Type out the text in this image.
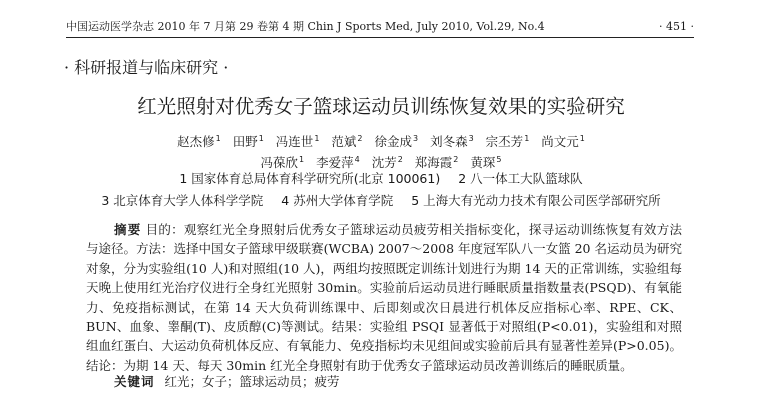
中国运动医学杂志 2010 年 7 月第 29 卷第 4 期 Chin J Sports Med, July 2010, Vol.29, No.4	· 451 ·
· 科研报道与临床研究 ·
红光照射对优秀女子篮球运动员训练恢复效果的实验研究
赵杰修$^1$ 田野$^1$ 冯连世$^1$ 范斌$^2$ 徐金成$^3$ 刘冬森$^3$ 宗丕芳$^1$ 尚文元$^1$
冯葆欣$^1$ 李爱萍$^4$ 沈芳$^2$ 郑海霞$^2$ 黄琛$^5$
1 国家体育总局体育科学研究所(北京 100061) 2 八一体工大队篮球队
3 北京体育大学人体科学学院 4 苏州大学体育学院 5 上海大有光动力技术有限公司医学部研究所
摘要 目的：观察红光全身照射后优秀女子篮球运动员疲劳相关指标变化，探寻运动训练恢复有效方法与途径。方法：选择中国女子篮球甲级联赛(WCBA) 2007～2008 年度冠军队八一女篮 20 名运动员为研究对象，分为实验组(10 人)和对照组(10 人)，两组均按照既定训练计划进行为期 14 天的正常训练，实验组每天晚上使用红光治疗仪进行全身红光照射 30min。实验前后运动员进行睡眠质量指数量表(PSQD)、有氧能力、免疫指标测试，在第 14 天大负荷训练课中、后即刻或次日晨进行机体反应指标心率、RPE、CK、BUN、血象、睾酮(T)、皮质醇(C)等测试。结果：实验组 PSQI 显著低于对照组(P<0.01)，实验组和对照组血红蛋白、大运动负荷机体反应、有氧能力、免疫指标均未见组间或实验前后具有显著性差异(P>0.05)。结论：为期 14 天、每天 30min 红光全身照射有助于优秀女子篮球运动员改善训练后的睡眠质量。
关键词 红光；女子；篮球运动员；疲劳
